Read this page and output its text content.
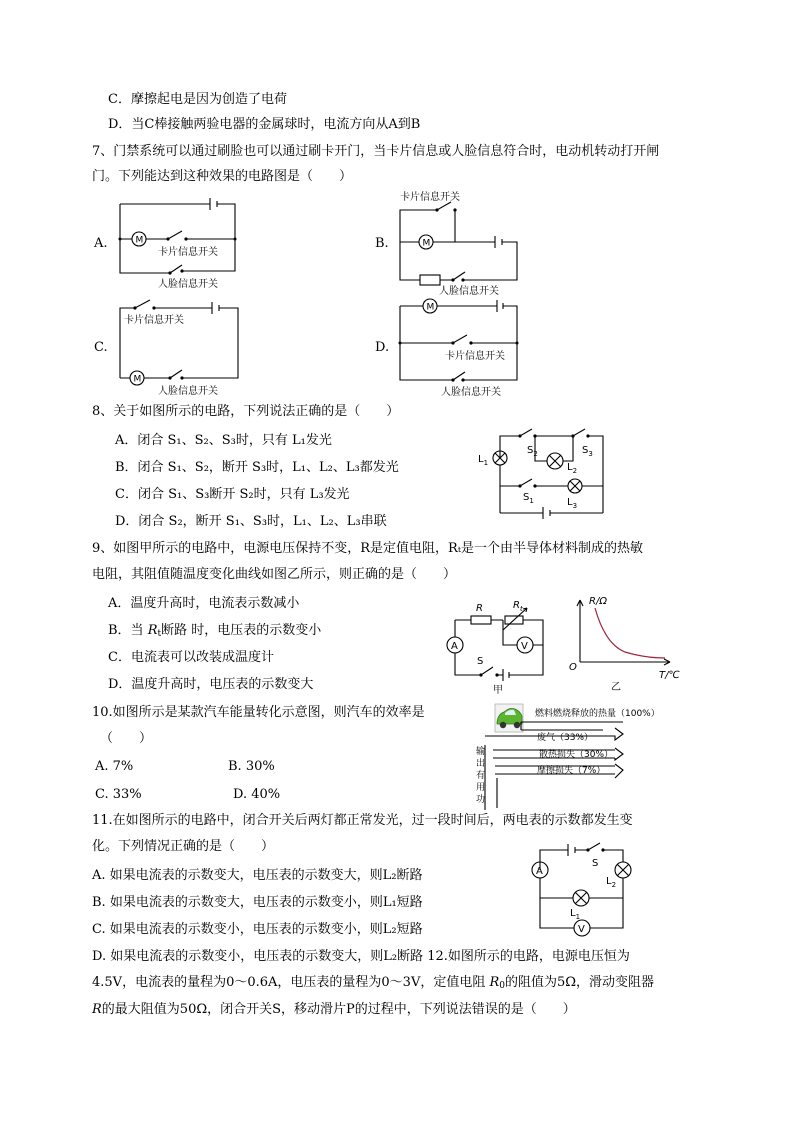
C．摩擦起电是因为创造了电荷
D．当C棒接触两验电器的金属球时，电流方向从A到B
7、门禁系统可以通过刷脸也可以通过刷卡开门，当卡片信息或人脸信息符合时，电动机转动打开闸
门。下列能达到这种效果的电路图是（　　）
A.	M
卡片信息开关
人脸信息开关
B.
卡片信息开关
M
人脸信息开关
C.
卡片信息开关
M
人脸信息开关
D.
M
卡片信息开关
人脸信息开关
8、关于如图所示的电路，下列说法正确的是（　　）
A．闭合 S₁、S₂、S₃时，只有 L₁发光
B．闭合 S₁、S₂，断开 S₃时，L₁、L₂、L₃都发光
C．闭合 S₁、S₃断开 S₂时，只有 L₃发光
D．闭合 S₂，断开 S₁、S₃时，L₁、L₂、L₃串联
$S_2$	$S_3$
$L_1$	$L_2$
$S_1$	$L_3$
9、如图甲所示的电路中，电源电压保持不变，R是定值电阻，Rₜ是一个由半导体材料制成的热敏
电阻，其阻值随温度变化曲线如图乙所示，则正确的是（　　）
A．温度升高时，电流表示数减小
B．当 $R_t$断路 时，电压表的示数变小
C．电流表可以改装成温度计
D．温度升高时，电压表的示数变大
R	$R_t$
V
A
S
甲
R/Ω
T/℃
O
乙
10.如图所示是某款汽车能量转化示意图，则汽车的效率是
（　　）
A. 7%	B. 30%
C. 33%	D. 40%
燃料燃烧释放的热量（100%）
废气（33%）
散热损失（30%）
摩擦损失（7%）
输 出 有 用 功
11.在如图所示的电路中，闭合开关后两灯都正常发光，过一段时间后，两电表的示数都发生变
化。下列情况正确的是（　　）
A. 如果电流表的示数变大，电压表的示数变大，则L₂断路
B. 如果电流表的示数变大，电压表的示数变小，则L₁短路
C. 如果电流表的示数变小，电压表的示数变小，则L₂短路
D. 如果电流表的示数变小，电压表的示数变大，则L₂断路 12.如图所示的电路，电源电压恒为
S
A
$L_2$
$L_1$
V
4.5V，电流表的量程为0～0.6A，电压表的量程为0～3V，定值电阻 $R_0$的阻值为5Ω，滑动变阻器
R的最大阻值为50Ω，闭合开关S，移动滑片P的过程中，下列说法错误的是（　　）
